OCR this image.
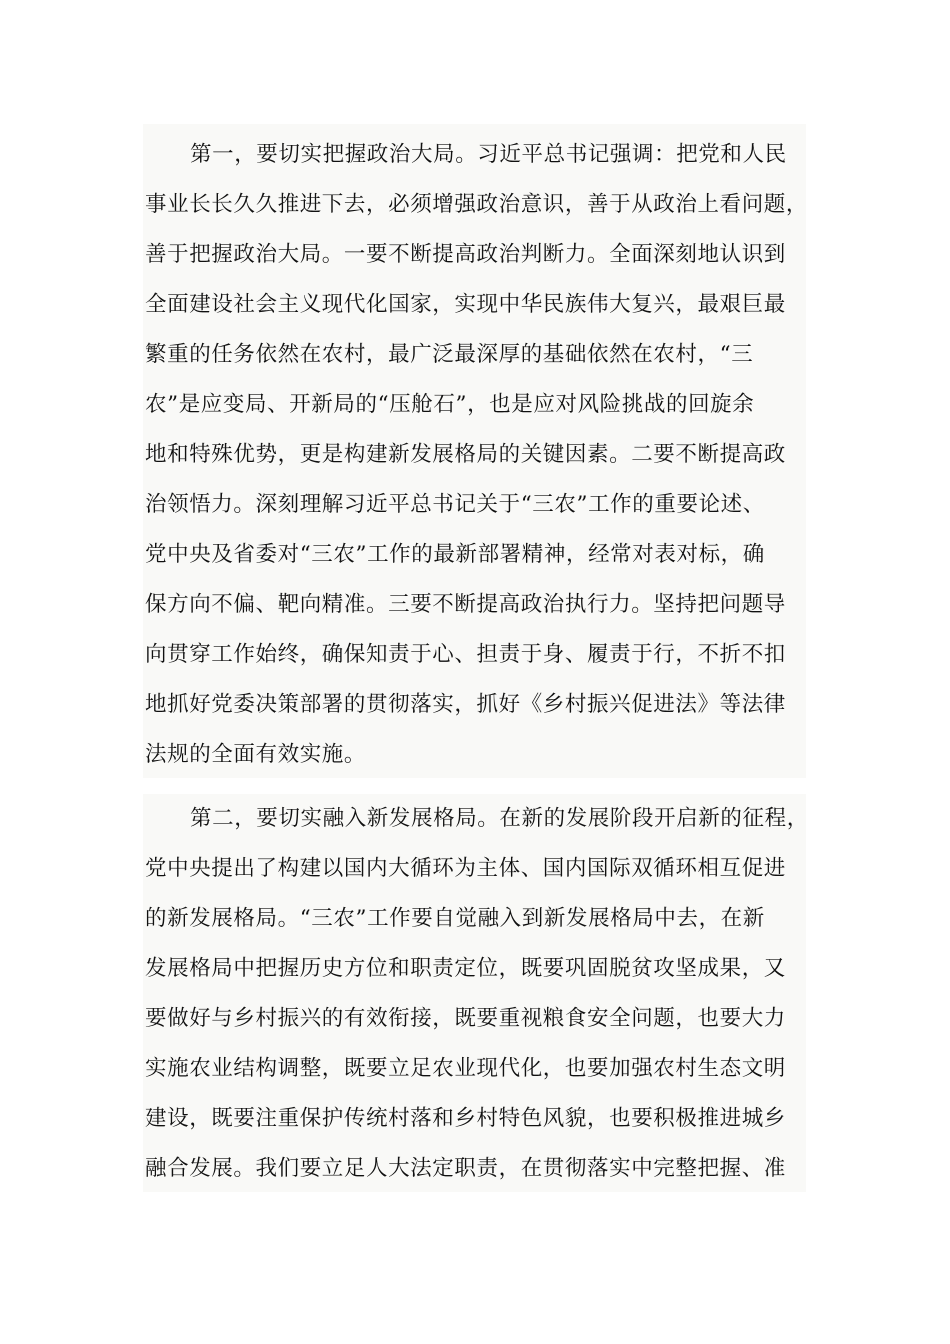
第一，要切实把握政治大局。习近平总书记强调：把党和人民
事业长长久久推进下去，必须增强政治意识，善于从政治上看问题，
善于把握政治大局。一要不断提高政治判断力。全面深刻地认识到
全面建设社会主义现代化国家，实现中华民族伟大复兴，最艰巨最
繁重的任务依然在农村，最广泛最深厚的基础依然在农村，“三
农”是应变局、开新局的“压舱石”，也是应对风险挑战的回旋余
地和特殊优势，更是构建新发展格局的关键因素。二要不断提高政
治领悟力。深刻理解习近平总书记关于“三农”工作的重要论述、
党中央及省委对“三农”工作的最新部署精神，经常对表对标，确
保方向不偏、靶向精准。三要不断提高政治执行力。坚持把问题导
向贯穿工作始终，确保知责于心、担责于身、履责于行，不折不扣
地抓好党委决策部署的贯彻落实，抓好《乡村振兴促进法》等法律
法规的全面有效实施。
第二，要切实融入新发展格局。在新的发展阶段开启新的征程，
党中央提出了构建以国内大循环为主体、国内国际双循环相互促进
的新发展格局。“三农”工作要自觉融入到新发展格局中去，在新
发展格局中把握历史方位和职责定位，既要巩固脱贫攻坚成果，又
要做好与乡村振兴的有效衔接，既要重视粮食安全问题，也要大力
实施农业结构调整，既要立足农业现代化，也要加强农村生态文明
建设，既要注重保护传统村落和乡村特色风貌，也要积极推进城乡
融合发展。我们要立足人大法定职责，在贯彻落实中完整把握、准
